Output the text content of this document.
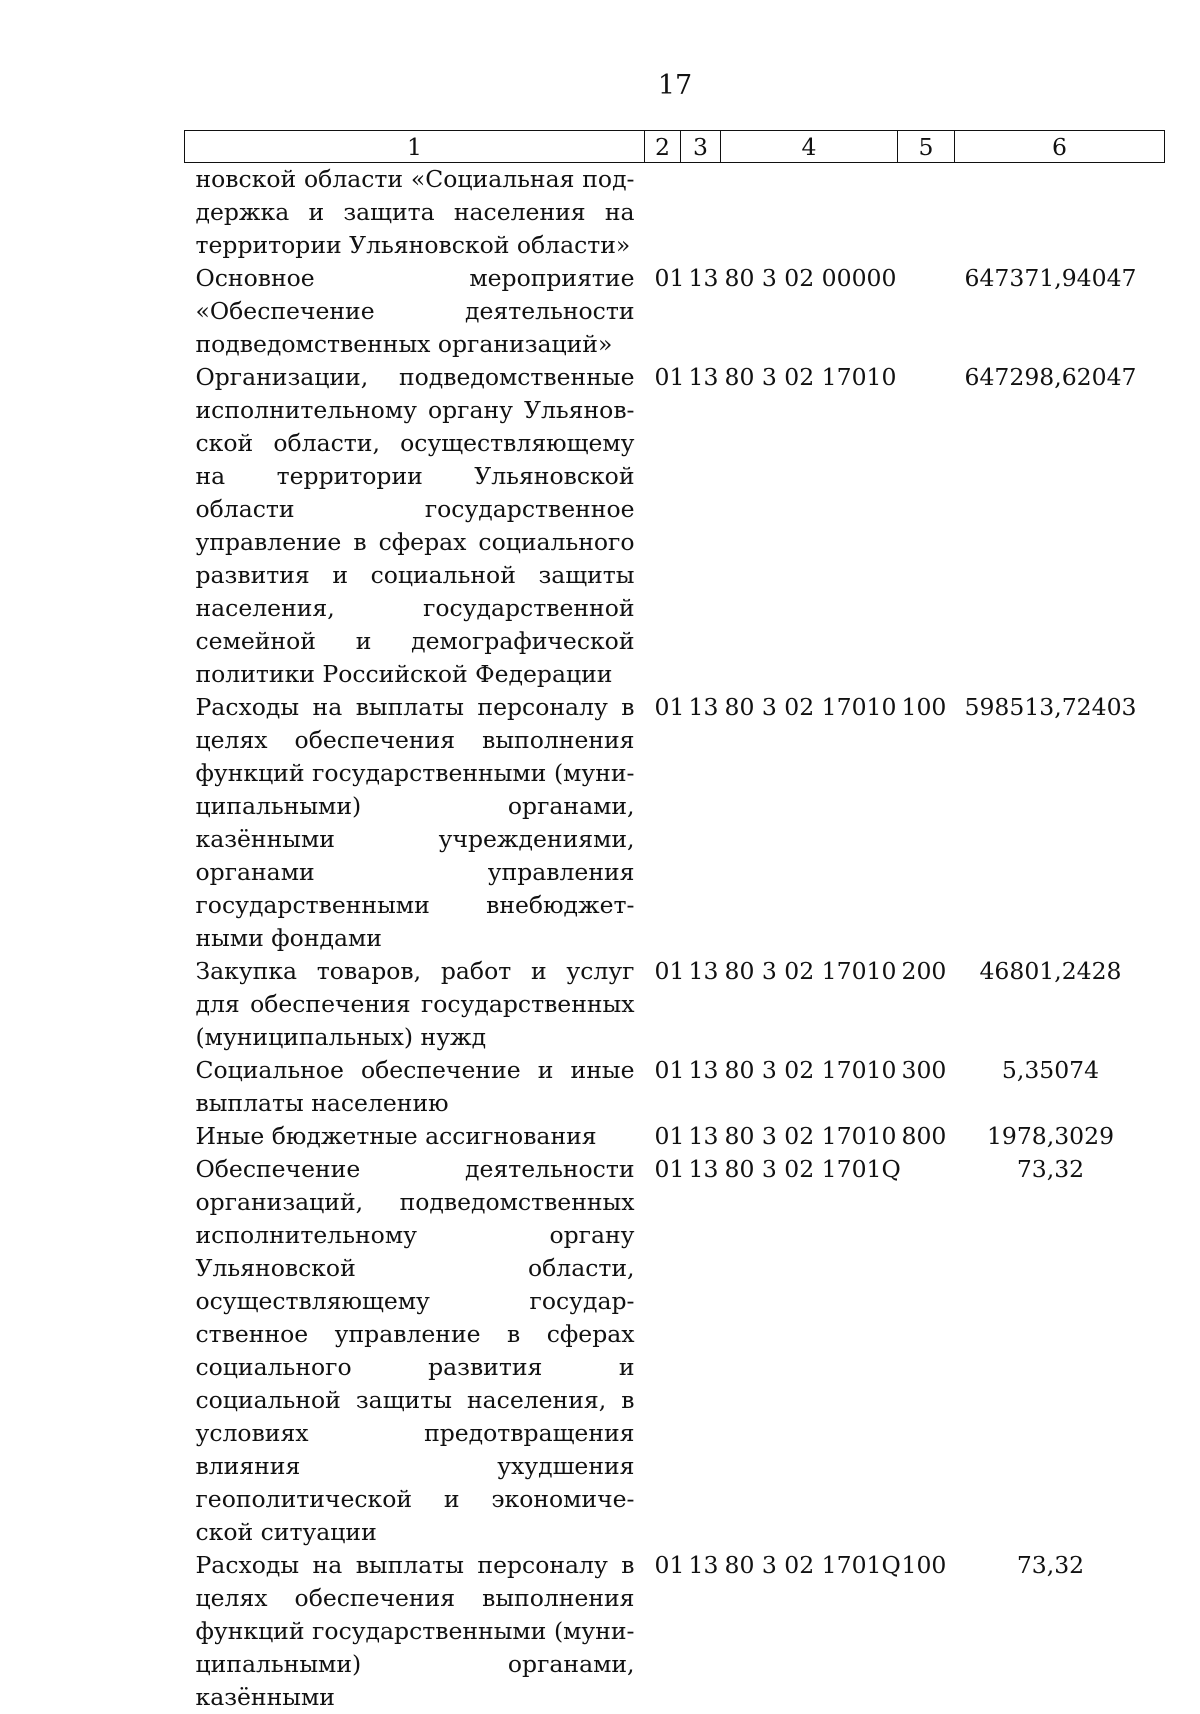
17
1	2	3	4	5	6
новской области «Социальная поддержка и защита населения на территории Ульяновской области»					
Основное мероприятие «Обеспечение деятельности подведомственных организаций»	01	13	80 3 02 00000		647371,94047
Организации, подведомственные исполнительному органу Ульяновской области, осуществляющему на территории Ульяновской области государственное управление в сферах социального развития и социальной защиты населения, государственной семейной и демографической политики Российской Федерации	01	13	80 3 02 17010		647298,62047
Расходы на выплаты персоналу в целях обеспечения выполнения функций государственными (муниципальными) органами, казёнными учреждениями, органами управления государственными внебюджетными фондами	01	13	80 3 02 17010	100	598513,72403
Закупка товаров, работ и услуг для обеспечения государственных (муниципальных) нужд	01	13	80 3 02 17010	200	46801,2428
Социальное обеспечение и иные выплаты населению	01	13	80 3 02 17010	300	5,35074
Иные бюджетные ассигнования	01	13	80 3 02 17010	800	1978,3029
Обеспечение деятельности организаций, подведомственных исполнительному органу Ульяновской области, осуществляющему государственное управление в сферах социального развития и социальной защиты населения, в условиях предотвращения влияния ухудшения геополитической и экономической ситуации	01	13	80 3 02 1701Q		73,32
Расходы на выплаты персоналу в целях обеспечения выполнения функций государственными (муниципальными) органами, казёнными	01	13	80 3 02 1701Q	100	73,32
